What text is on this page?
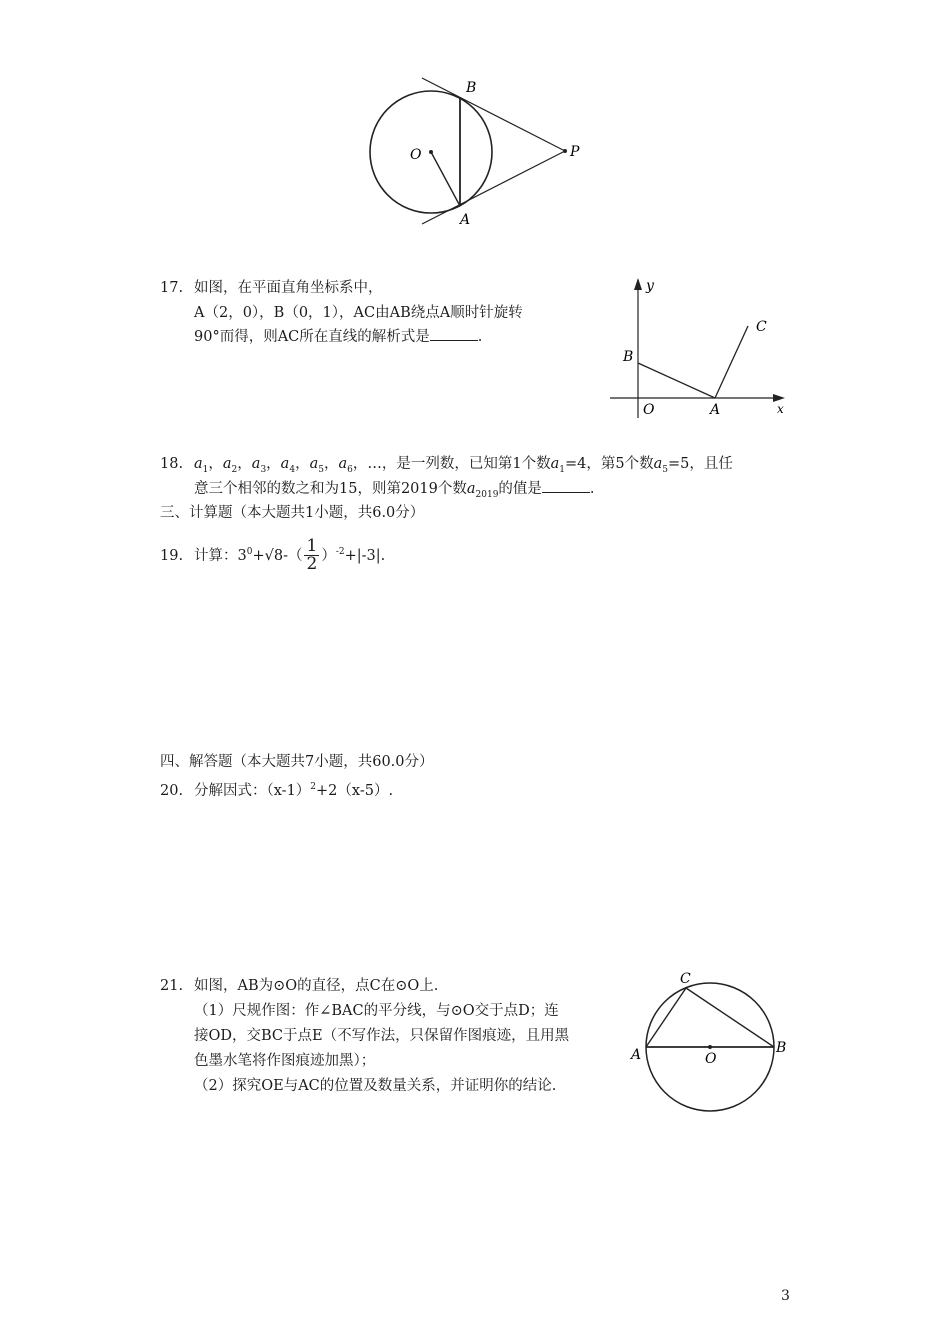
B
O	P
A
17. 如图，在平面直角坐标系中，
A（2，0），B（0，1），AC由AB绕点A顺时针旋转
90°而得，则AC所在直线的解析式是	.
y
x
B
O	A
C
18. $a_1$，$a_2$，$a_3$，$a_4$，$a_5$，$a_6$，…，是一列数，已知第1个数$a_1=4$，第5个数$a_5=5$，且任
意三个相邻的数之和为15，则第2019个数$a_{2019}$的值是	.
三、计算题（本大题共1小题，共6.0分）
19. 计算：$3^0+√8-( \frac{1}{2} )^{-2}+|-3|$.
四、解答题（本大题共7小题，共60.0分）
20. 分解因式：$(x-1)^2+2(x-5)$.
21. 如图，AB为⊙O的直径，点C在⊙O上.
（1）尺规作图：作∠BAC的平分线，与⊙O交于点D；连
接OD，交BC于点E（不写作法，只保留作图痕迹，且用黑
色墨水笔将作图痕迹加黑）；
（2）探究OE与AC的位置及数量关系，并证明你的结论.
C
A	O
B
3
